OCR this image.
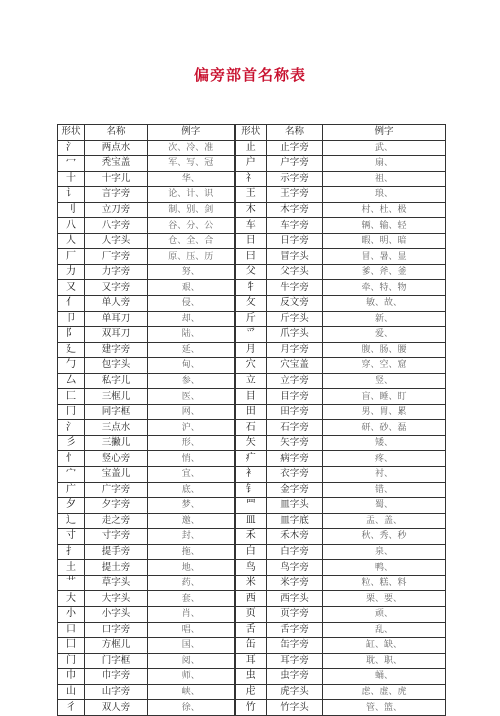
偏旁部首名称表
形状	名称	例字	形状	名称	例字
氵	两点水	次、冷、准	止	止字旁	武、
冖	秃宝盖	军、写、冠	户	户字旁	扇、
十	十字儿	华、	礻	示字旁	祖、
讠	言字旁	论、计、识	王	王字旁	琅、
刂	立刀旁	制、别、剑	木	木字旁	村、杜、极
八	八字旁	谷、分、公	车	车字旁	辆、输、轻
人	人字头	仓、全、合	日	日字旁	暇、明、暗
厂	厂字旁	原、压、历	曰	冒字头	冒、暑、显
力	力字旁	努、	父	父字头	爹、斧、釜
又	又字旁	艰、	牜	牛字旁	牵、特、物
亻	单人旁	侵、	攵	反文旁	敏、故、
卩	单耳刀	却、	斤	斤字头	新、
阝	双耳刀	陆、	爫	爪字头	爱、
廴	建字旁	延、	月	月字旁	腹、肠、腰
勹	包字头	甸、	穴	穴宝盖	穿、空、窟
厶	私字儿	参、	立	立字旁	竖、
匚	三框儿	医、	目	目字旁	盲、睡、盯
冂	同字框	网、	田	田字旁	男、胃、累
氵	三点水	沪、	石	石字旁	研、砂、磊
彡	三撇儿	形、	矢	矢字旁	矮、
忄	竖心旁	悄、	疒	病字旁	疼、
宀	宝盖儿	宜、	衤	衣字旁	衬、
广	广字旁	底、	钅	金字旁	错、
夕	夕字旁	梦、	罒	皿字头	蜀、
辶	走之旁	邀、	皿	皿字底	盂、盖、
寸	寸字旁	封、	禾	禾木旁	秋、秀、秒
扌	提手旁	拖、	白	白字旁	泉、
土	提土旁	地、	鸟	鸟字旁	鸭、
艹	草字头	药、	米	米字旁	粒、糕、料
大	大字头	套、	西	西字头	栗、要、
小	小字头	肖、	页	页字旁	顽、
口	口字旁	唱、	舌	舌字旁	乱、
囗	方框儿	国、	缶	缶字旁	缸、缺、
门	门字框	阅、	耳	耳字旁	耽、职、
巾	巾字旁	师、	虫	虫字旁	蛹、
山	山字旁	峡、	虍	虎字头	虑、虚、虎
彳	双人旁	徐、	竹	竹字头	管、篮、
